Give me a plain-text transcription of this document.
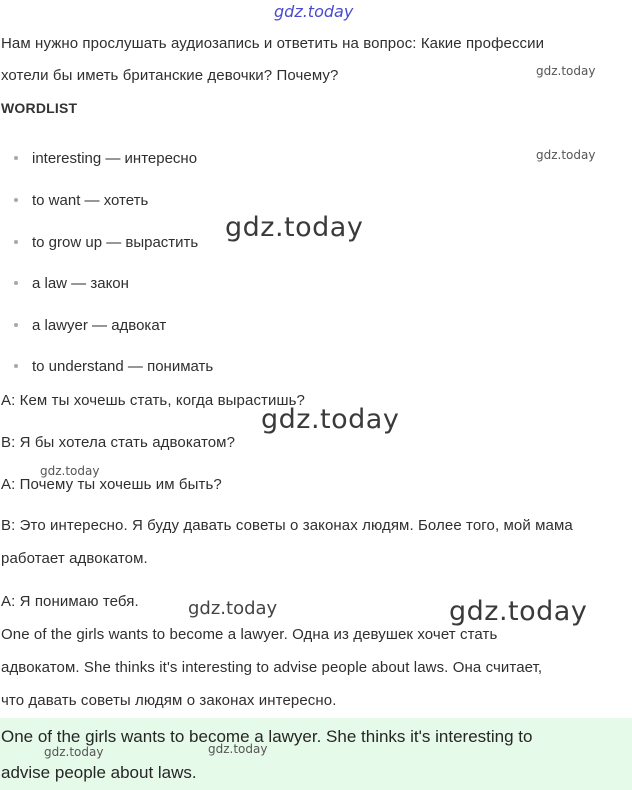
gdz.today
gdz.today
gdz.today
gdz.today
gdz.today
gdz.today
gdz.today	gdz.today
Нам нужно прослушать аудиозапись и ответить на вопрос: Какие профессии
хотели бы иметь британские девочки? Почему?
WORDLIST
interesting — интересно
to want — хотеть
to grow up — вырастить
a law — закон
a lawyer — адвокат
to understand — понимать
A: Кем ты хочешь стать, когда вырастишь?
B: Я бы хотела стать адвокатом?
A: Почему ты хочешь им быть?
B: Это интересно. Я буду давать советы о законах людям. Более того, мой мама
работает адвокатом.
A: Я понимаю тебя.
One of the girls wants to become a lawyer. Одна из девушек хочет стать
адвокатом. She thinks it's interesting to advise people about laws. Она считает,
что давать советы людям о законах интересно.
One of the girls wants to become a lawyer. She thinks it's interesting to
advise people about laws.
gdz.today	gdz.today
